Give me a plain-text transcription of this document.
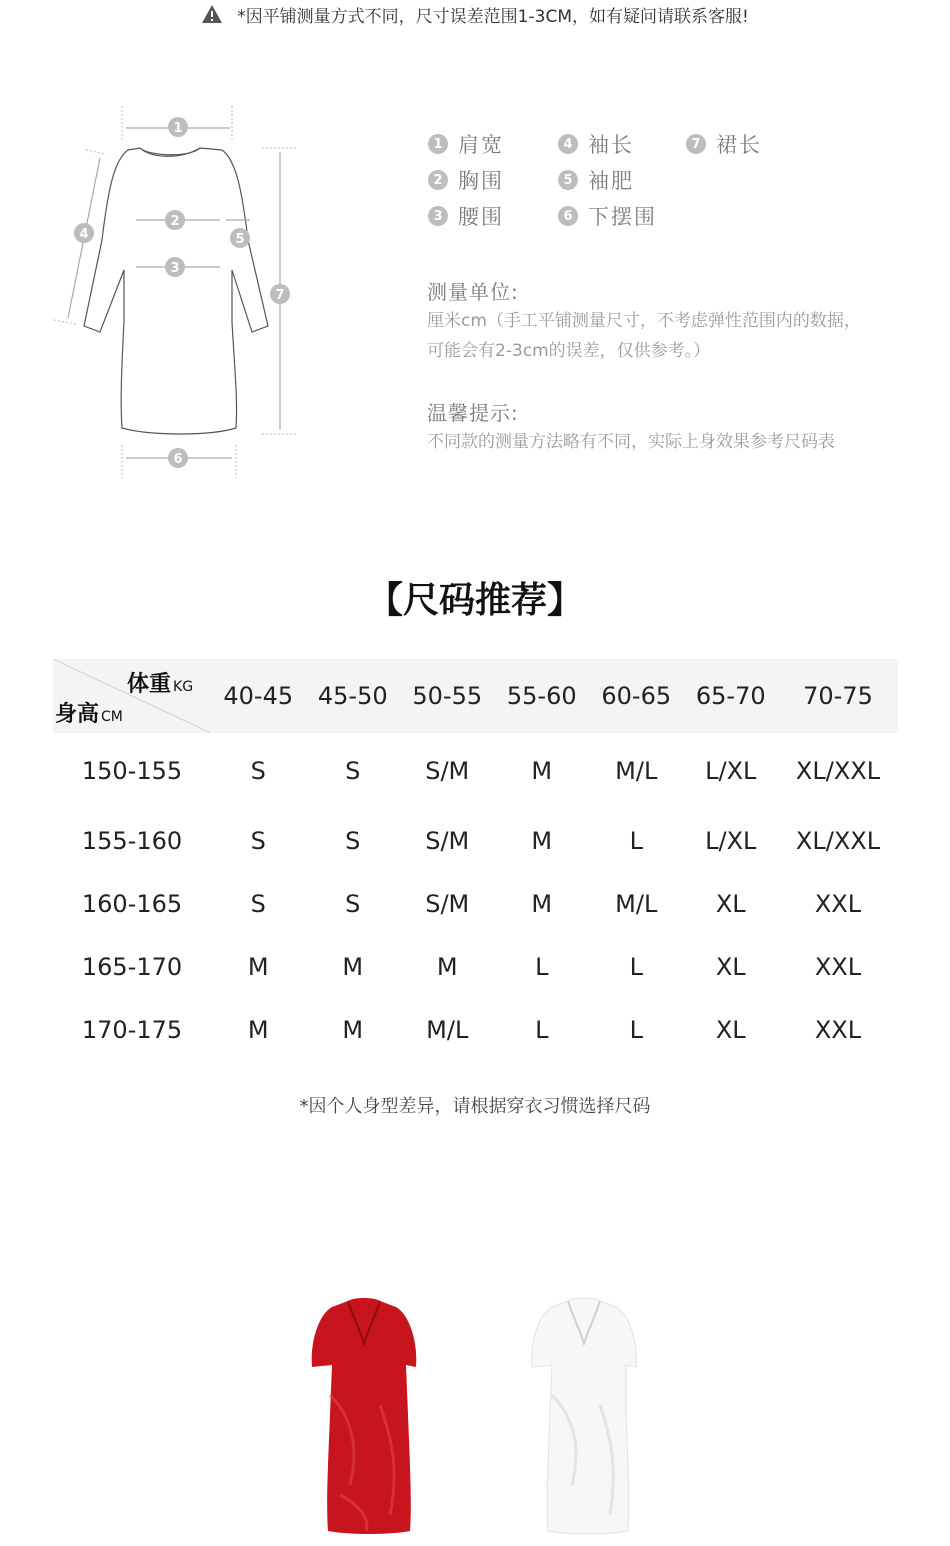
*因平铺测量方式不同，尺寸误差范围1-3CM，如有疑问请联系客服!
1
2
3
4	5
6
7
1 肩宽	4 袖长	7 裙长
2 胸围	5 袖肥
3 腰围	6 下摆围
测量单位:
厘米cm（手工平铺测量尺寸，不考虑弹性范围内的数据，
可能会有2-3cm的误差，仅供参考。）
温馨提示:
不同款的测量方法略有不同，实际上身效果参考尺码表
【尺码推荐】
体重 KG
身高 CM	40-45	45-50	50-55	55-60	60-65	65-70	70-75
150-155	S	S	S/M	M	M/L	L/XL	XL/XXL
155-160	S	S	S/M	M	L	L/XL	XL/XXL
160-165	S	S	S/M	M	M/L	XL	XXL
165-170	M	M	M	L	L	XL	XXL
170-175	M	M	M/L	L	L	XL	XXL
*因个人身型差异，请根据穿衣习惯选择尺码
